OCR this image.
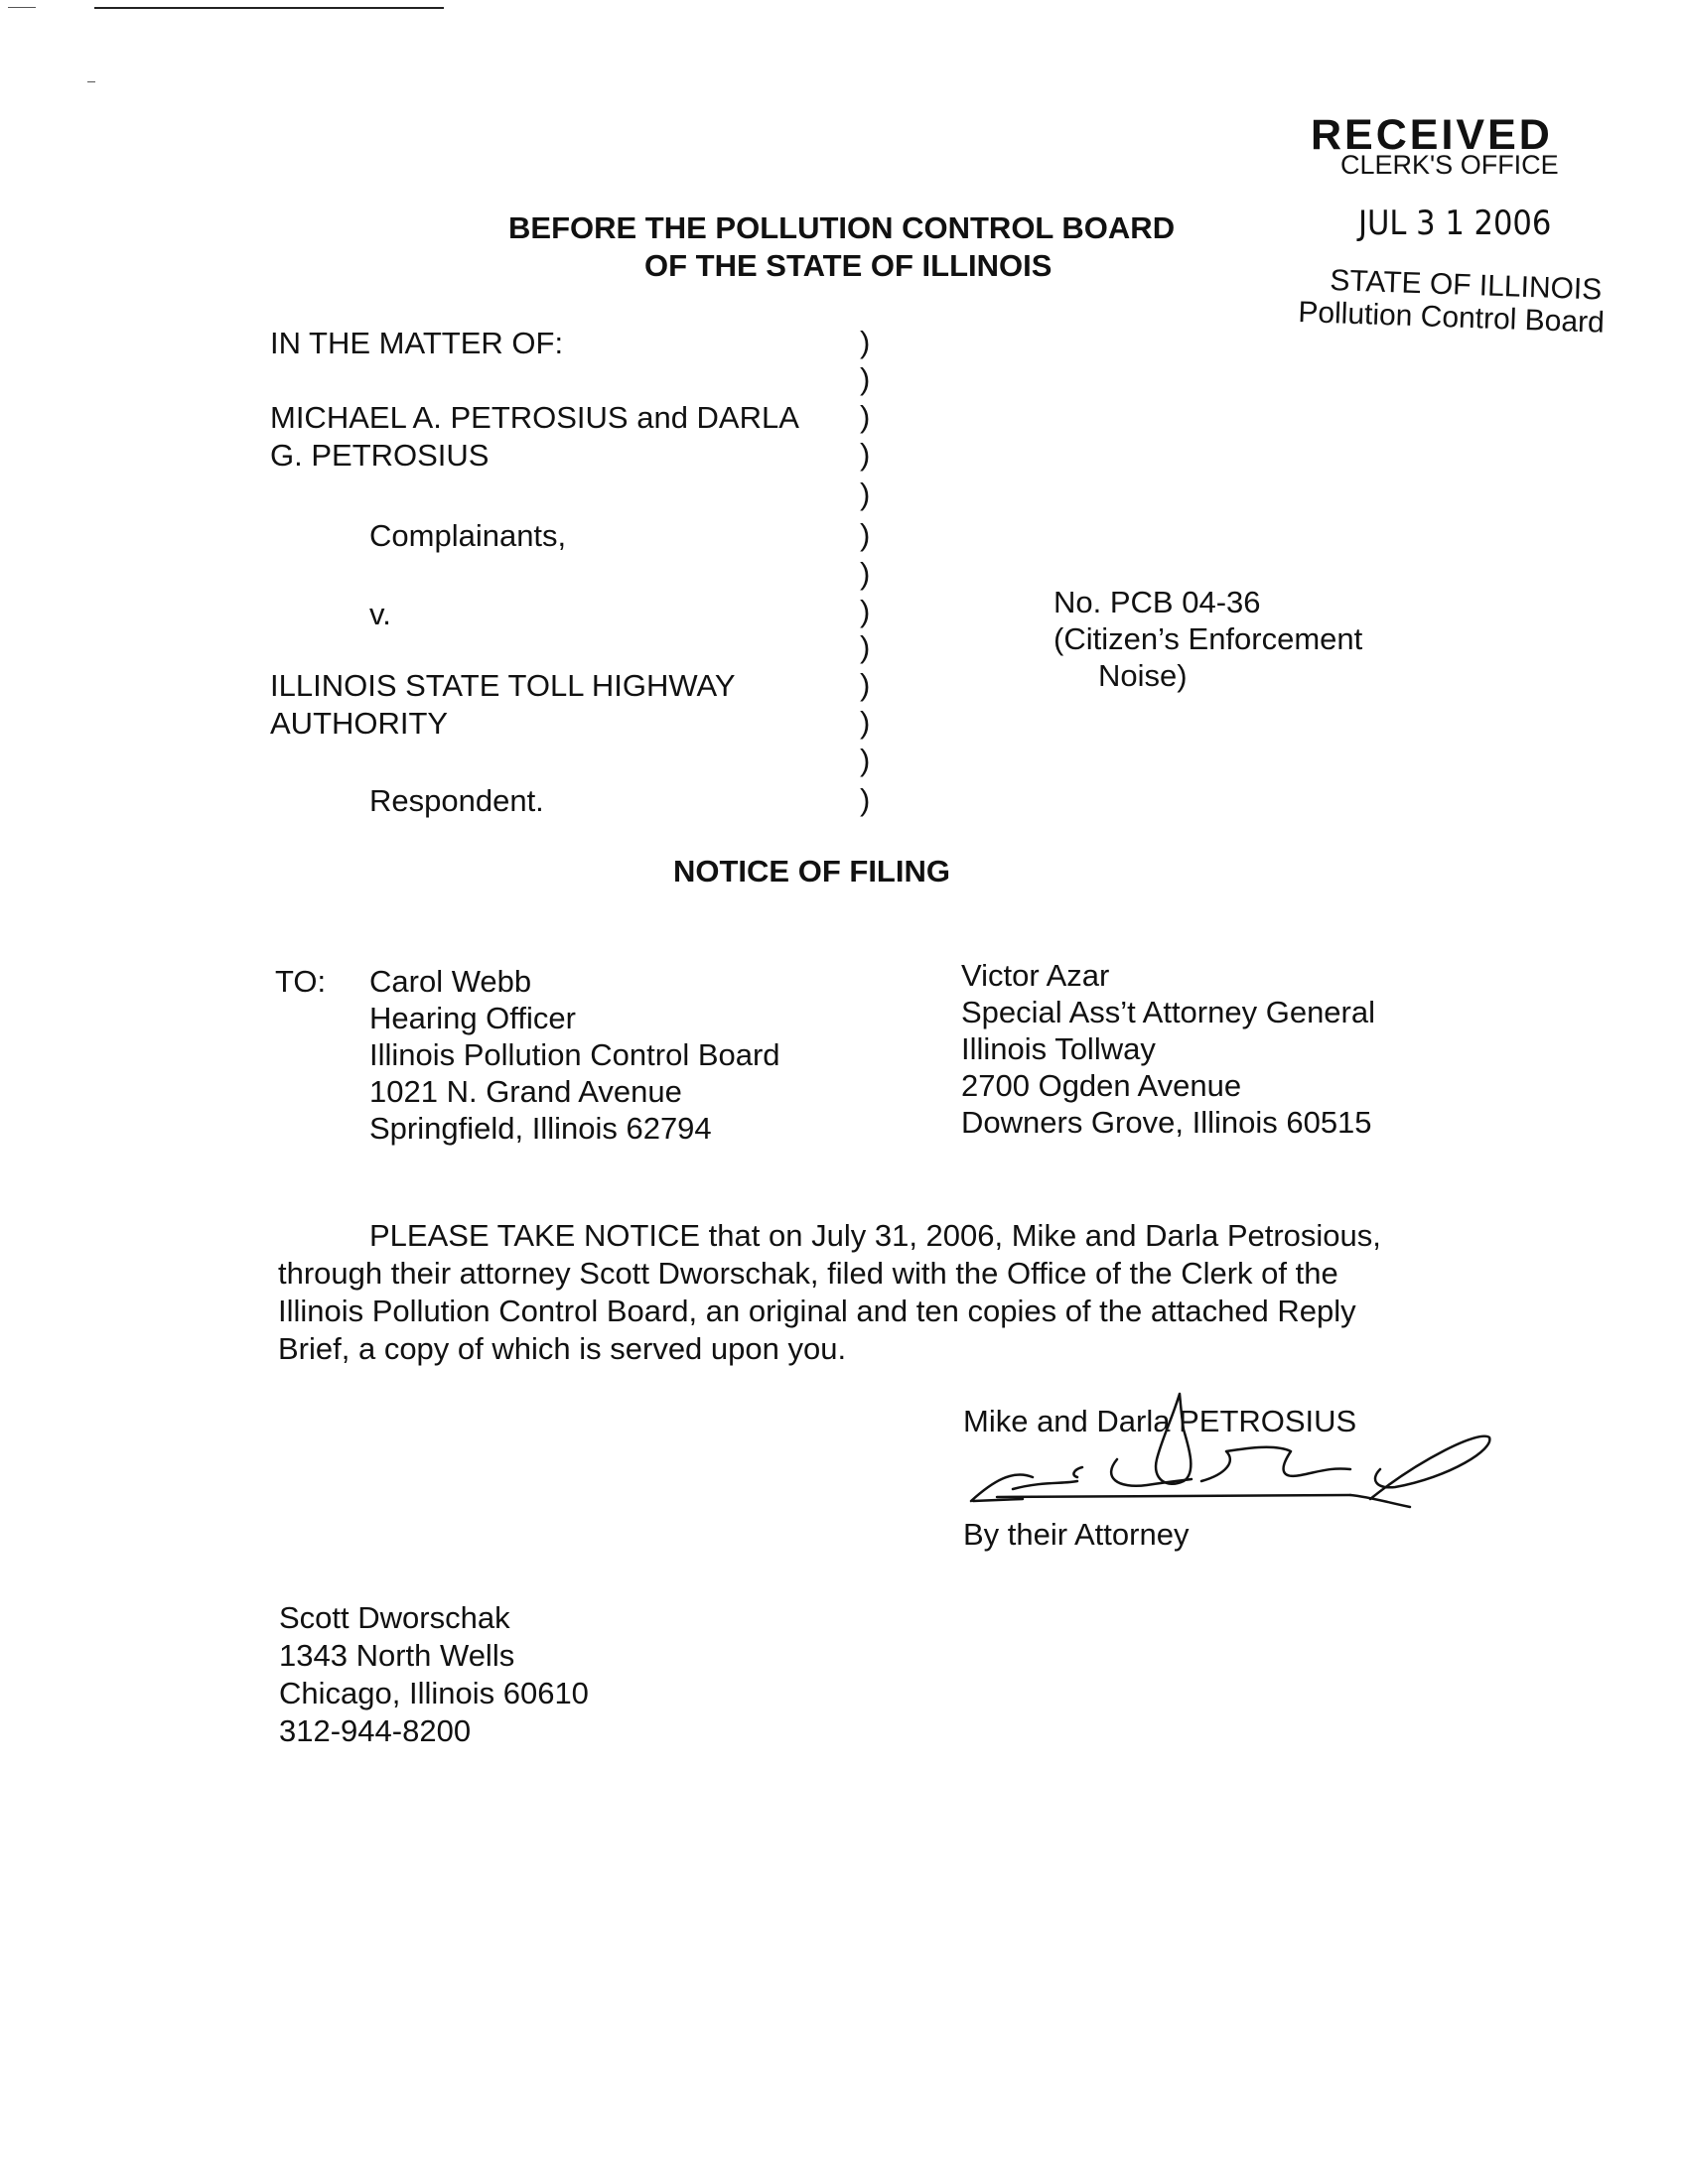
RECEIVED
CLERK'S OFFICE
JUL 3 1 2006
STATE OF ILLINOIS
Pollution Control Board
BEFORE THE POLLUTION CONTROL BOARD
OF THE STATE OF ILLINOIS
IN THE MATTER OF:
MICHAEL A. PETROSIUS and DARLA
G. PETROSIUS
Complainants,
v.
ILLINOIS STATE TOLL HIGHWAY
AUTHORITY
Respondent.
)
)
)
)
)
)
)
)
)
)
)
)
)
No. PCB 04-36
(Citizen’s Enforcement
Noise)
NOTICE OF FILING
TO: Carol Webb
Hearing Officer
Illinois Pollution Control Board
1021 N. Grand Avenue
Springfield, Illinois 62794
Victor Azar
Special Ass’t Attorney General
Illinois Tollway
2700 Ogden Avenue
Downers Grove, Illinois 60515
PLEASE TAKE NOTICE that on July 31, 2006, Mike and Darla Petrosious,
through their attorney Scott Dworschak, filed with the Office of the Clerk of the
Illinois Pollution Control Board, an original and ten copies of the attached Reply
Brief, a copy of which is served upon you.
Mike and Darla PETROSIUS
By their Attorney
Scott Dworschak
1343 North Wells
Chicago, Illinois 60610
312-944-8200
